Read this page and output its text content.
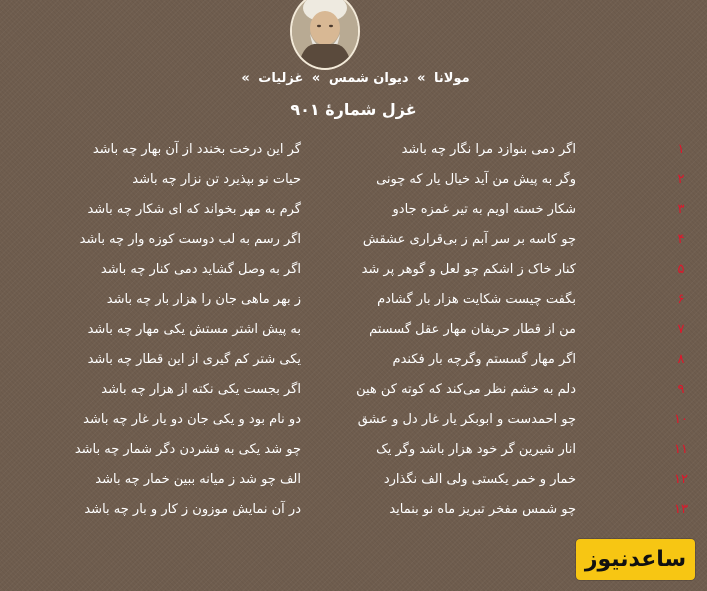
مولانا » دیوان شمس » غزلیات »
غزل شمارهٔ ۹۰۱
۱
اگر دمی بنوازد مرا نگار چه باشد
گر این درخت بخندد از آن بهار چه باشد
۲
وگر به پیش من آید خیال یار که چونی
حیات نو بپذیرد تن نزار چه باشد
۳
شکار خسته اویم به تیر غمزه جادو
گرم به مهر بخواند که ای شکار چه باشد
۴
چو کاسه بر سر آبم ز بی‌قراری عشقش
اگر رسم به لب دوست کوزه وار چه باشد
۵
کنار خاک ز اشکم چو لعل و گوهر پر شد
اگر به وصل گشاید دمی کنار چه باشد
۶
بگفت چیست شکایت هزار بار گشادم
ز بهر ماهی جان را هزار بار چه باشد
۷
من از قطار حریفان مهار عقل گسستم
به پیش اشتر مستش یکی مهار چه باشد
۸
اگر مهار گسستم وگرچه بار فکندم
یکی شتر کم گیری از این قطار چه باشد
۹
دلم به خشم نظر می‌کند که کوته کن هین
اگر بجست یکی نکته از هزار چه باشد
۱۰
چو احمدست و ابوبکر یار غار دل و عشق
دو نام بود و یکی جان دو یار غار چه باشد
۱۱
انار شیرین گر خود هزار باشد وگر یک
چو شد یکی به فشردن دگر شمار چه باشد
۱۲
خمار و خمر یکستی ولی الف نگذارد
الف چو شد ز میانه ببین خمار چه باشد
۱۳
چو شمس مفخر تبریز ماه نو بنماید
در آن نمایش موزون ز کار و بار چه باشد
ساعدنیوز
